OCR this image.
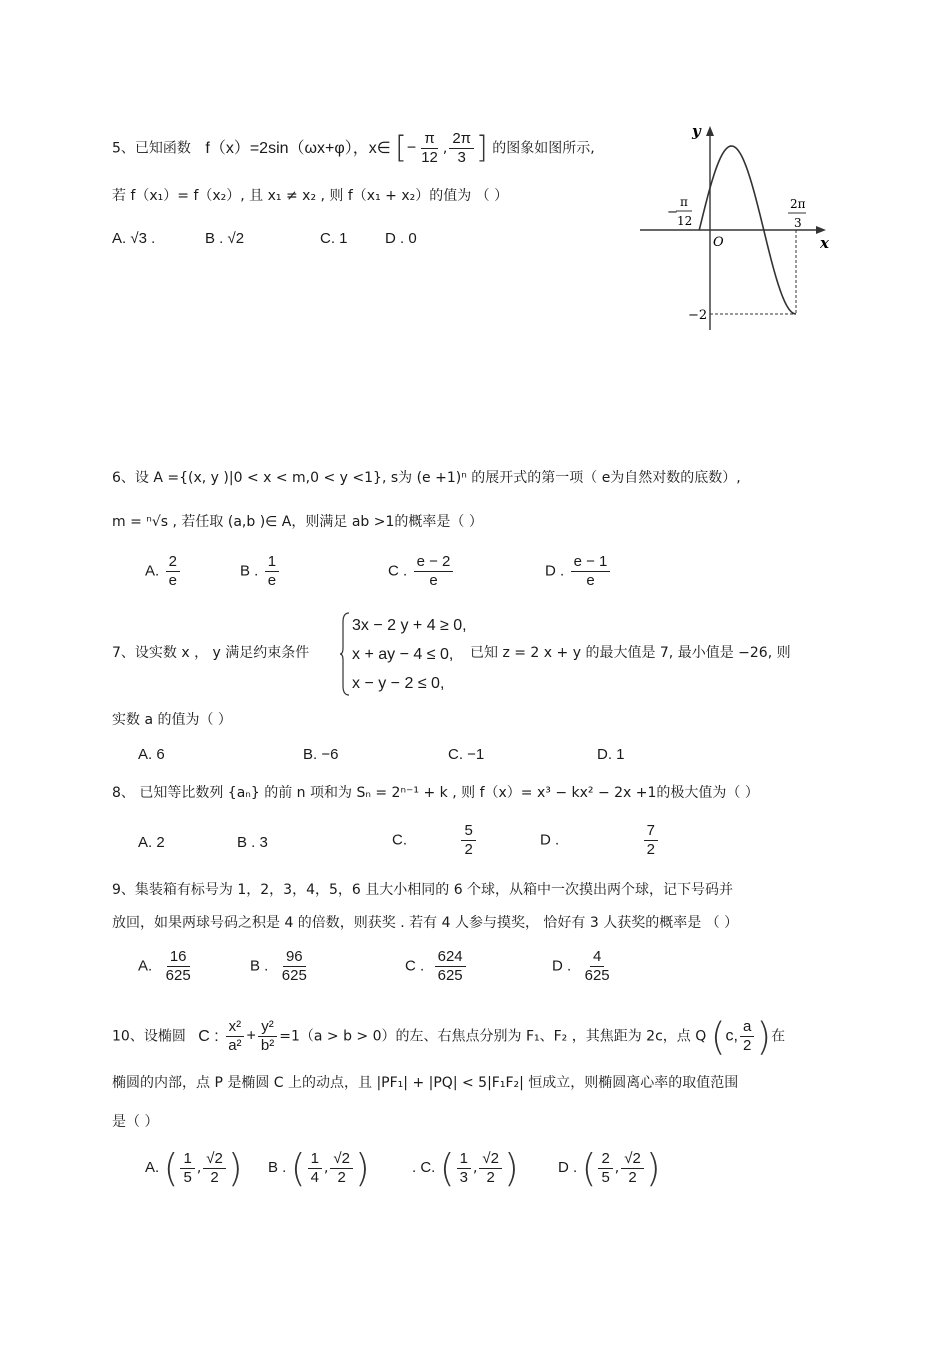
5、已知函数 f（x）=2sin（ωx+φ），x∈ [− $\frac{\pi}{12}$ , $\frac{2\pi}{3}$ ] 的图象如图所示,
若 f（x₁）= f（x₂）, 且 x₁ ≠ x₂ , 则 f（x₁ + x₂）的值为 （ ）
A. √3 .	B . √2	C. 1 D . 0
y
x
O
−
π
12
2π
3
−2
6、设 A ={(x, y )|0 < x < m,0 < y <1}, s为 (e +1)ⁿ 的展开式的第一项（ e为自然对数的底数）,
m = ⁿ√s , 若任取 (a,b )∈ A，则满足 ab >1的概率是（ ）
A. $\frac{2}{e}$	B . $\frac{1}{e}$	C . $\frac{e - 2}{e}$	D . $\frac{e - 1}{e}$
3x − 2 y + 4 ≥ 0,
x + ay − 4 ≤ 0,
x − y − 2 ≤ 0,
7、设实数 x ， y 满足约束条件	已知 z = 2 x + y 的最大值是 7, 最小值是 −26, 则
实数 a 的值为（ ）
A. 6	B. −6	C. −1	D. 1
8、 已知等比数列 {aₙ} 的前 n 项和为 Sₙ = 2ⁿ⁻¹ + k , 则 f（x）= x³ − kx² − 2x +1的极大值为（ ）
A. 2	B . 3	C.	$\frac{5}{2}$	D .	$\frac{7}{2}$
9、集装箱有标号为 1，2，3，4，5，6 且大小相同的 6 个球，从箱中一次摸出两个球，记下号码并
放回，如果两球号码之积是 4 的倍数，则获奖 . 若有 4 人参与摸奖， 恰好有 3 人获奖的概率是 （ ）
A. $\frac{16}{625}$	B . $\frac{96}{625}$	C . $\frac{624}{625}$	D . $\frac{4}{625}$
10、设椭圆 C : $\frac{\text{x²}}{\text{a²}} + \frac{\text{y²}}{\text{b²}} =1(a > b > 0)$的左、右焦点分别为 F₁、F₂ ，其焦距为 2c，点 Q (c, $\frac{a}{2}$ )在
椭圆的内部，点 P 是椭圆 C 上的动点，且 |PF₁| + |PQ| < 5|F₁F₂| 恒成立，则椭圆离心率的取值范围
是（ ）
A. ( $\frac{1}{5}$ , $\frac{√2}{2}$ ) B . ( $\frac{1}{4}$ , $\frac{√2}{2}$ )	. C. ( $\frac{1}{3}$ , $\frac{√2}{2}$ )	D . ( $\frac{2}{5}$ , $\frac{√2}{2}$ )
